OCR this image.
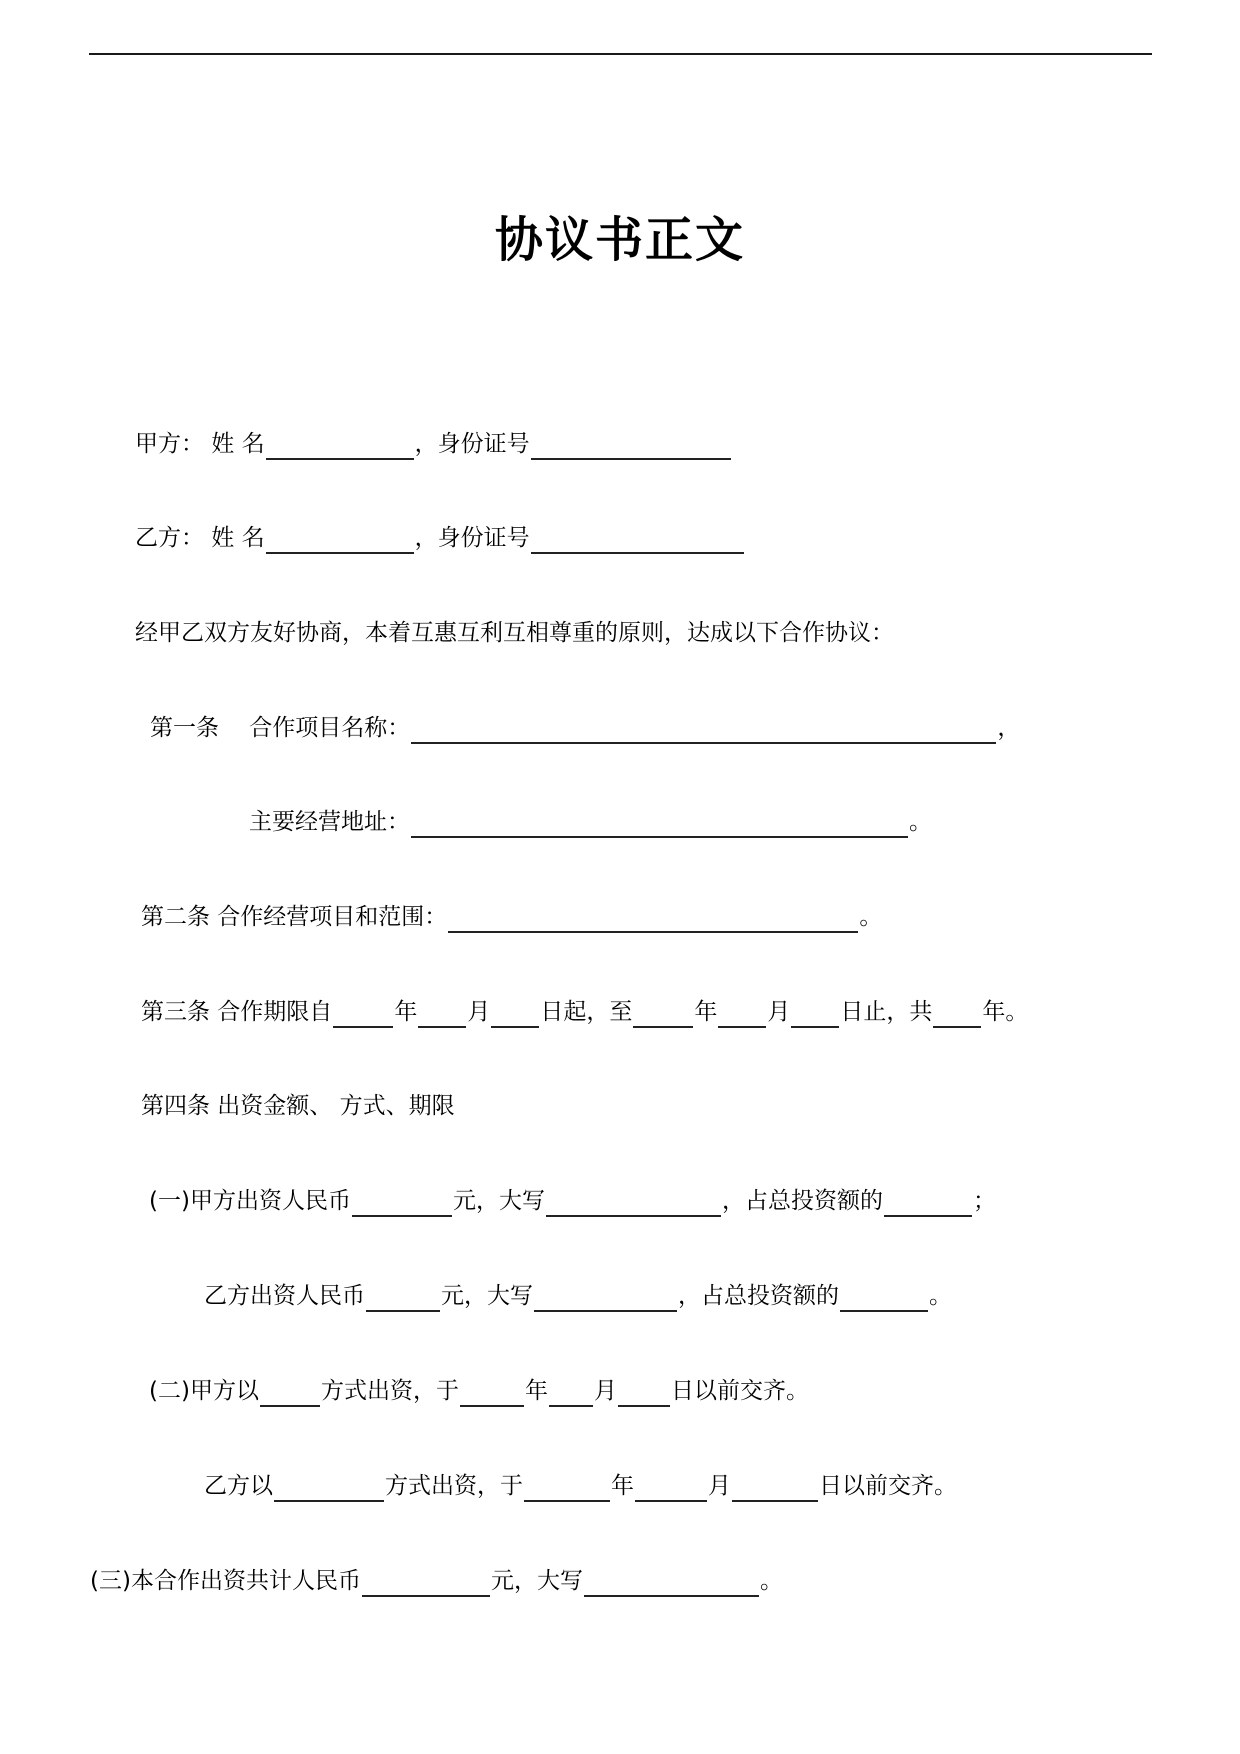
协议书正文
甲方： 姓 名	，身份证号
乙方： 姓 名	，身份证号
经甲乙双方友好协商，本着互惠互利互相尊重的原则，达成以下合作协议：
第一条　 合作项目名称：	，
主要经营地址：	。
第二条 合作经营项目和范围：	。
第三条 合作期限自	年 月 日起，至	年 月 日止，共 年。
第四条 出资金额、 方式、期限
(一)甲方出资人民币	元，大写	，占总投资额的	；
乙方出资人民币	元，大写	，占总投资额的	。
(二)甲方以	方式出资，于	年 月 日以前交齐。
乙方以	方式出资，于	年	月	日以前交齐。
(三)本合作出资共计人民币	元，大写	。
